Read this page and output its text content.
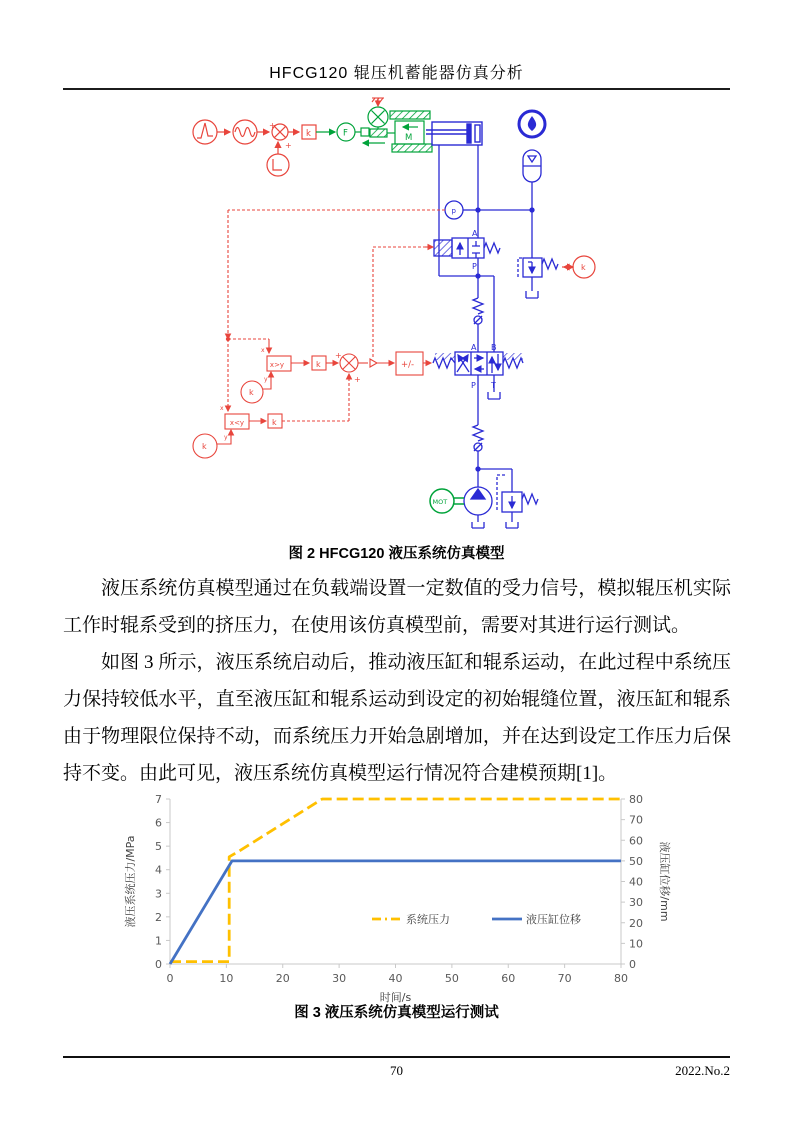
HFCG120 辊压机蓄能器仿真分析
+
+
k	F	M
MOT
p
A
P
A B
P T
k
x>y	k
k
x<y	k
k
+/-
+
+
x
y
x
y
图 2 HFCG120 液压系统仿真模型

液压系统仿真模型通过在负载端设置一定数值的受力信号，模拟辊压机实际工作时辊系受到的挤压力，在使用该仿真模型前，需要对其进行运行测试。

如图 3 所示，液压系统启动后，推动液压缸和辊系运动，在此过程中系统压力保持较低水平，直至液压缸和辊系运动到设定的初始辊缝位置，液压缸和辊系由于物理限位保持不动，而系统压力开始急剧增加，并在达到设定工作压力后保持不变。由此可见，液压系统仿真模型运行情况符合建模预期[1]。

0	10	20	30	40	50	60	70	80
0
1
2
3
4
5
6
7
0
10
20
30
40
50
60
70
80
时间/s
液压系统压力/MPa	液压缸位移/mm
系统压力	液压缸位移
图 3 液压系统仿真模型运行测试
70	2022.No.2
